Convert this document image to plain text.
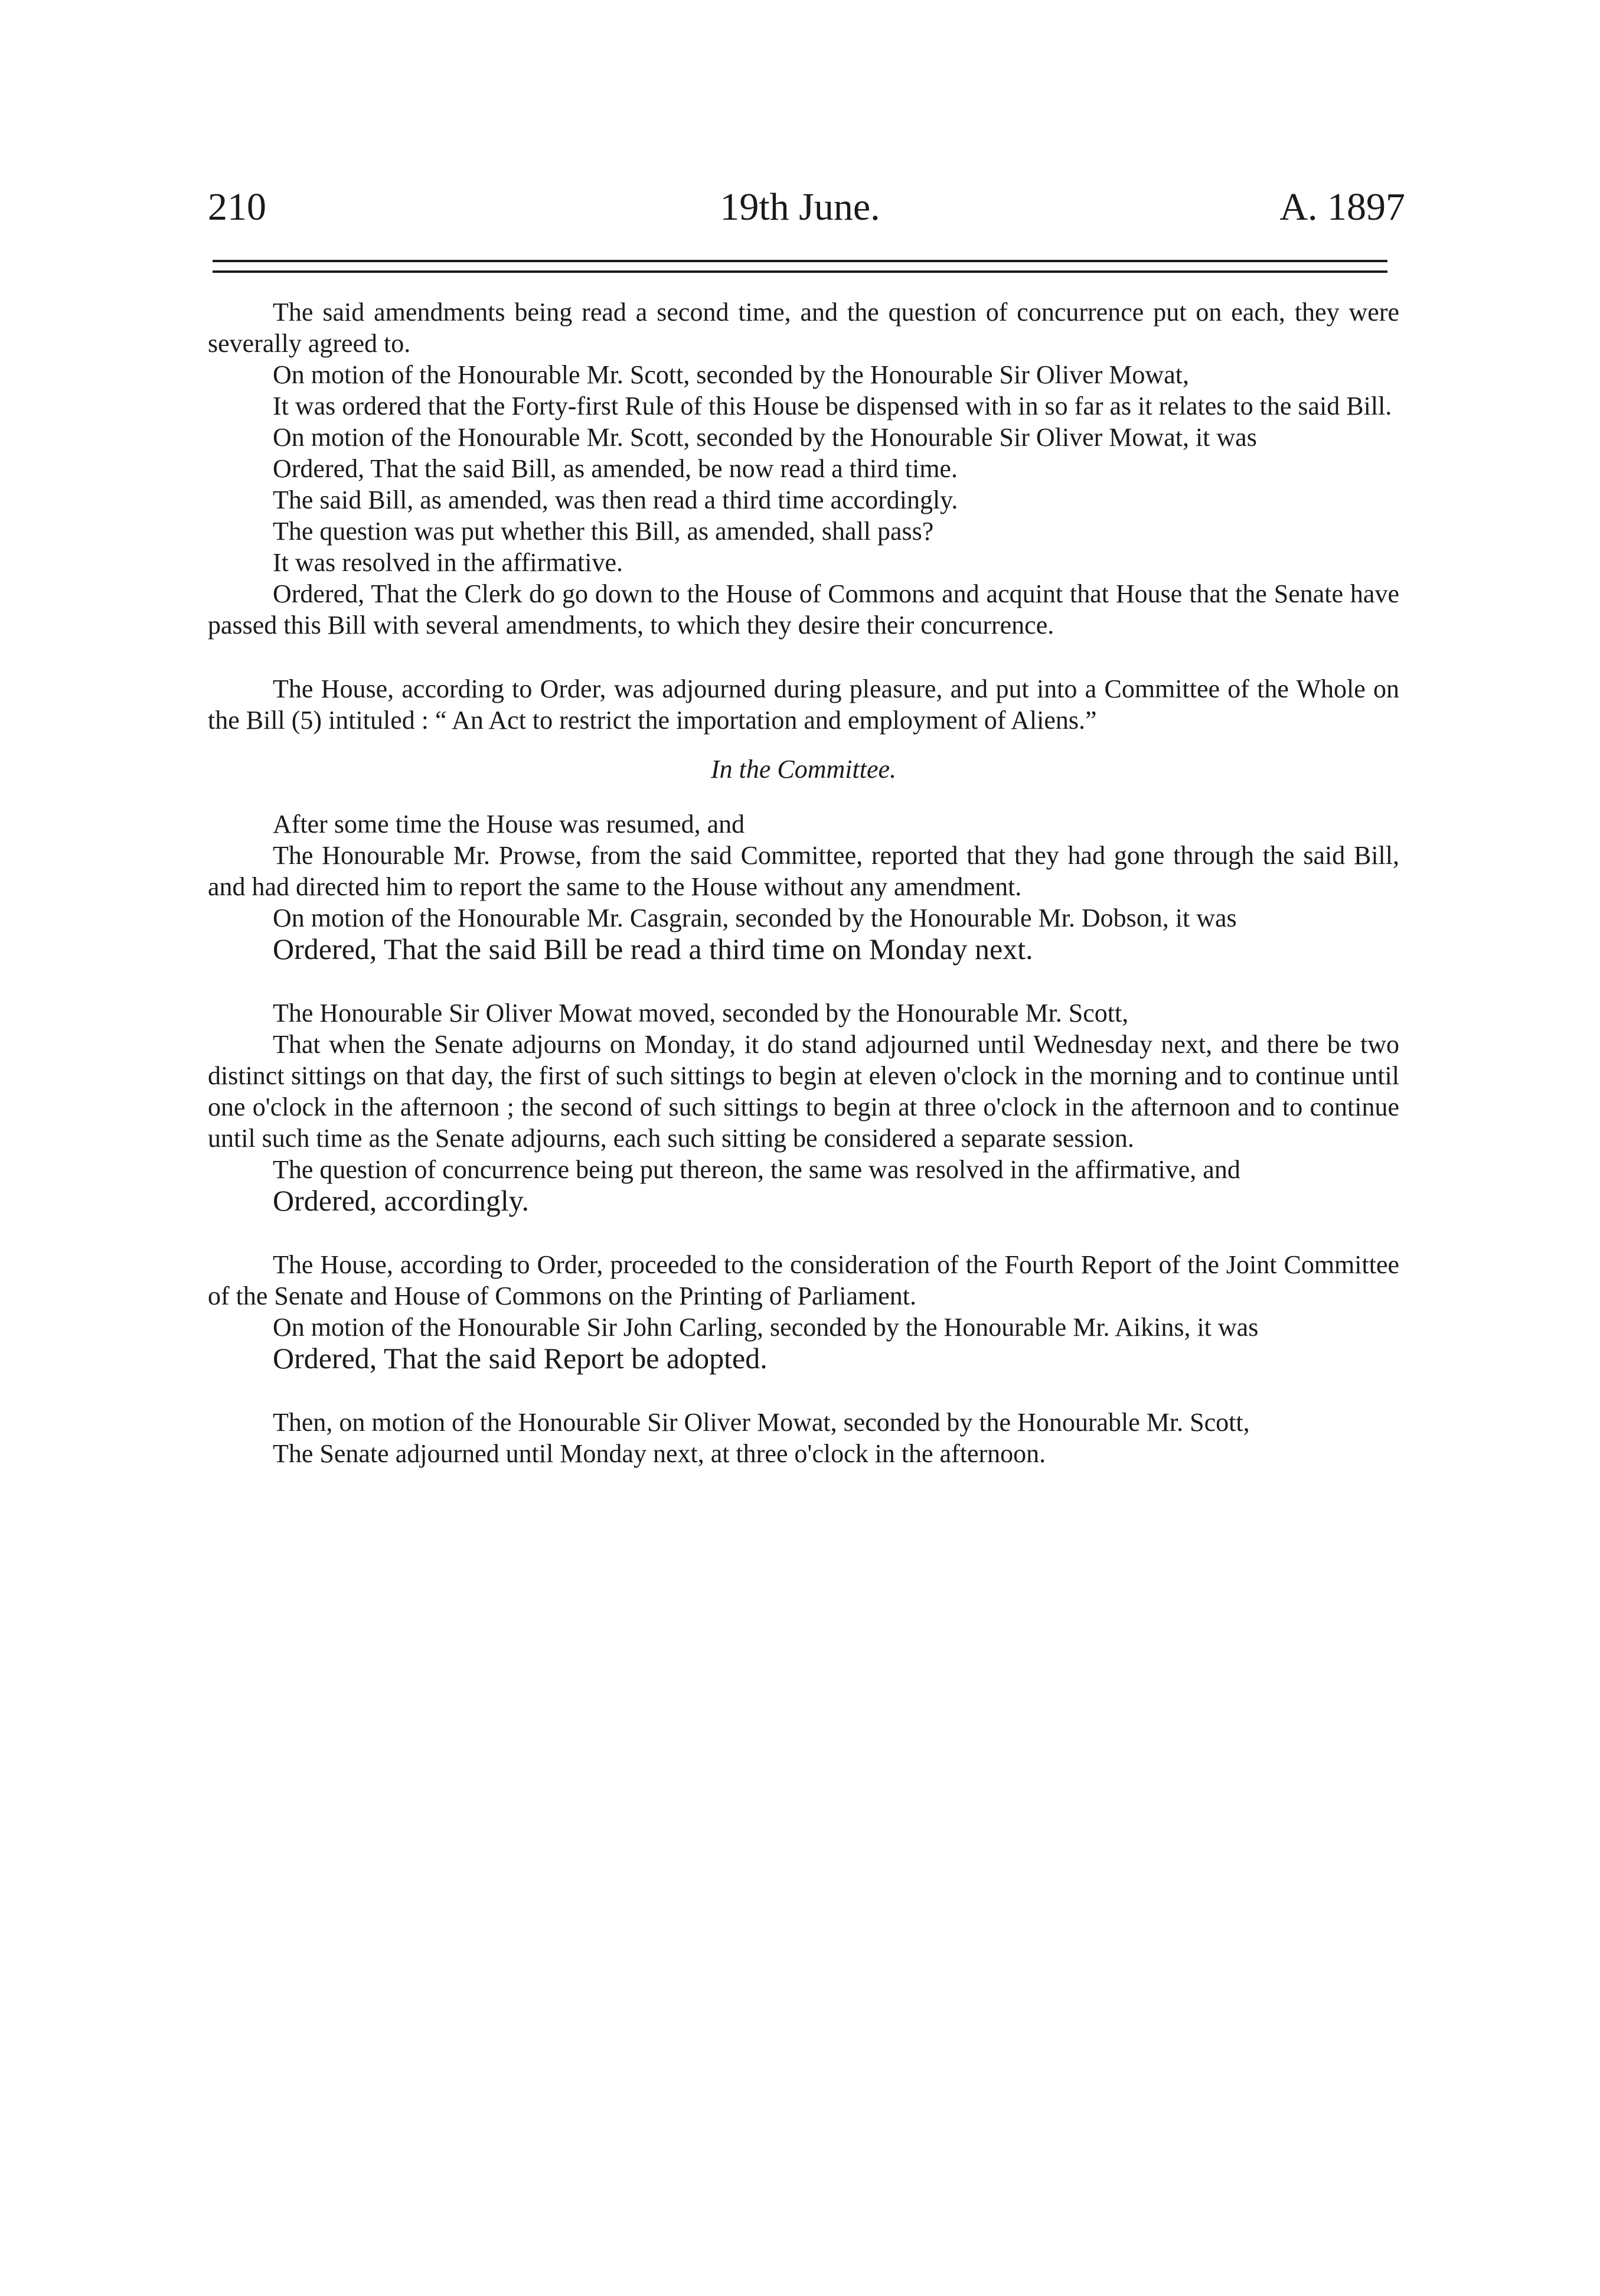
19th June.
210	A. 1897

The said amendments being read a second time, and the question of concurrence put on each, they were severally agreed to.

On motion of the Honourable Mr. Scott, seconded by the Honourable Sir Oliver Mowat,

It was ordered that the Forty-first Rule of this House be dispensed with in so far as it relates to the said Bill.

On motion of the Honourable Mr. Scott, seconded by the Honourable Sir Oliver Mowat, it was

Ordered, That the said Bill, as amended, be now read a third time.

The said Bill, as amended, was then read a third time accordingly.

The question was put whether this Bill, as amended, shall pass?

It was resolved in the affirmative.

Ordered, That the Clerk do go down to the House of Commons and acquint that House that the Senate have passed this Bill with several amendments, to which they desire their concurrence.

The House, according to Order, was adjourned during pleasure, and put into a Committee of the Whole on the Bill (5) intituled : “ An Act to restrict the importation and employment of Aliens.”

In the Committee.

After some time the House was resumed, and

The Honourable Mr. Prowse, from the said Committee, reported that they had gone through the said Bill, and had directed him to report the same to the House without any amendment.

On motion of the Honourable Mr. Casgrain, seconded by the Honourable Mr. Dobson, it was

Ordered, That the said Bill be read a third time on Monday next.

The Honourable Sir Oliver Mowat moved, seconded by the Honourable Mr. Scott,

That when the Senate adjourns on Monday, it do stand adjourned until Wednesday next, and there be two distinct sittings on that day, the first of such sittings to begin at eleven o'clock in the morning and to continue until one o'clock in the afternoon ; the second of such sittings to begin at three o'clock in the afternoon and to continue until such time as the Senate adjourns, each such sitting be considered a separate session.

The question of concurrence being put thereon, the same was resolved in the affirmative, and

Ordered, accordingly.

The House, according to Order, proceeded to the consideration of the Fourth Report of the Joint Committee of the Senate and House of Commons on the Printing of Parliament.

On motion of the Honourable Sir John Carling, seconded by the Honourable Mr. Aikins, it was

Ordered, That the said Report be adopted.

Then, on motion of the Honourable Sir Oliver Mowat, seconded by the Honourable Mr. Scott,

The Senate adjourned until Monday next, at three o'clock in the afternoon.
